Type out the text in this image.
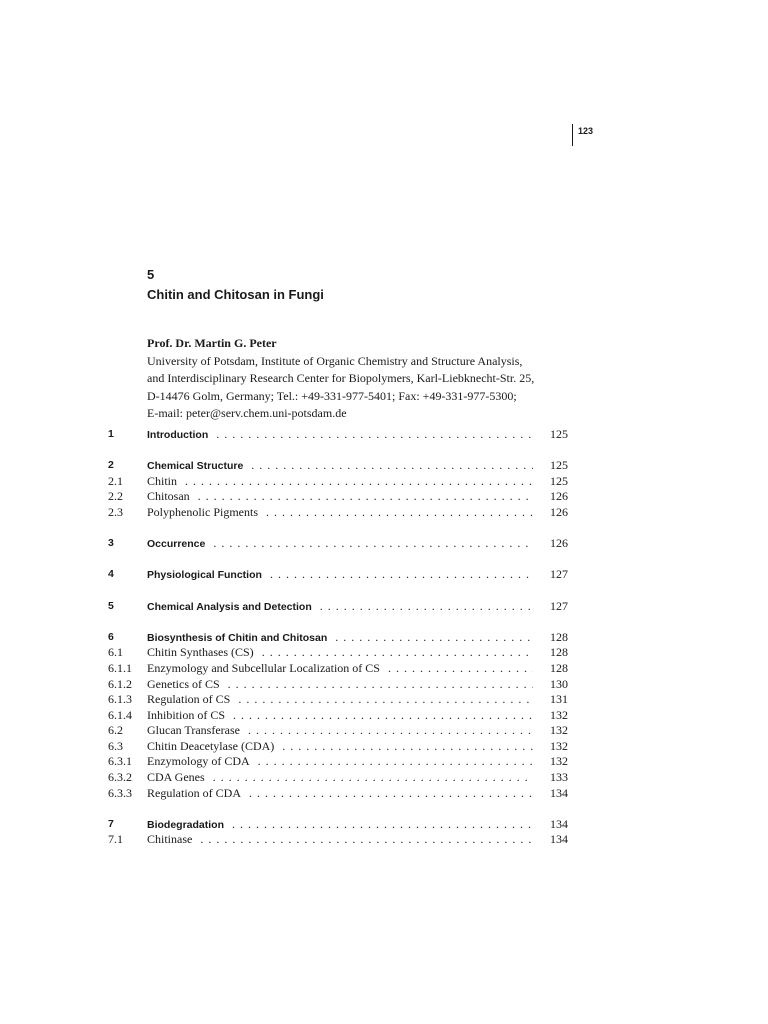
123
5
Chitin and Chitosan in Fungi
Prof. Dr. Martin G. Peter
University of Potsdam, Institute of Organic Chemistry and Structure Analysis,
and Interdisciplinary Research Center for Biopolymers, Karl-Liebknecht-Str. 25,
D-14476 Golm, Germany; Tel.: +49-331-977-5401; Fax: +49-331-977-5300;
E-mail: peter@serv.chem.uni-potsdam.de
1	Introduction . . .	125
2	Chemical Structure . . .	125
2.1 Chitin . . .	125
2.2 Chitosan . . .	126
2.3 Polyphenolic Pigments . . .	126
3	Occurrence . . .	126
4	Physiological Function . . .	127
5	Chemical Analysis and Detection . . .	127
6	Biosynthesis of Chitin and Chitosan . . .	128
6.1 Chitin Synthases (CS) . . .	128
6.1.1 Enzymology and Subcellular Localization of CS . . .	128
6.1.2 Genetics of CS . . .	130
6.1.3 Regulation of CS . . .	131
6.1.4 Inhibition of CS . . .	132
6.2 Glucan Transferase . . .	132
6.3 Chitin Deacetylase (CDA) . . .	132
6.3.1 Enzymology of CDA . . .	132
6.3.2 CDA Genes . . .	133
6.3.3 Regulation of CDA . . .	134
7	Biodegradation . . .	134
7.1 Chitinase . . .	134
